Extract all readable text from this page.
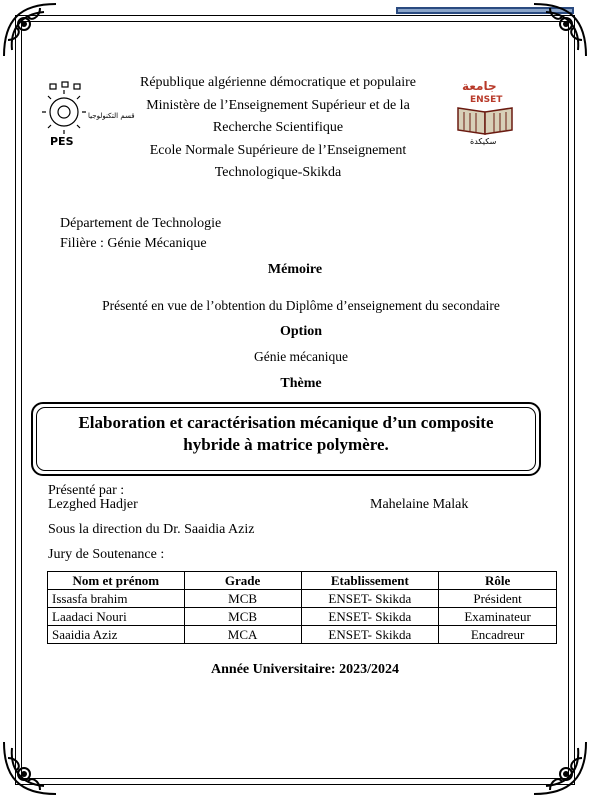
قسم التكنولوجيا
PES
جامعة
ENSET
سكيكدة
République algérienne démocratique et populaire
Ministère de l’Enseignement Supérieur et de la
Recherche Scientifique
Ecole Normale Supérieure de l’Enseignement
Technologique-Skikda
Département de Technologie
Filière : Génie Mécanique
Mémoire
Présenté en vue de l’obtention du Diplôme d’enseignement du secondaire
Option
Génie mécanique
Thème
Elaboration et caractérisation mécanique d’un composite
hybride à matrice polymère.
Présenté par :
Lezghed Hadjer	Mahelaine Malak
Sous la direction du Dr. Saaidia Aziz
Jury de Soutenance :
Nom et prénom	Grade	Etablissement	Rôle
Issasfa brahim	MCB	ENSET- Skikda	Président
Laadaci Nouri	MCB	ENSET- Skikda	Examinateur
Saaidia Aziz	MCA	ENSET- Skikda	Encadreur
Année Universitaire: 2023/2024
